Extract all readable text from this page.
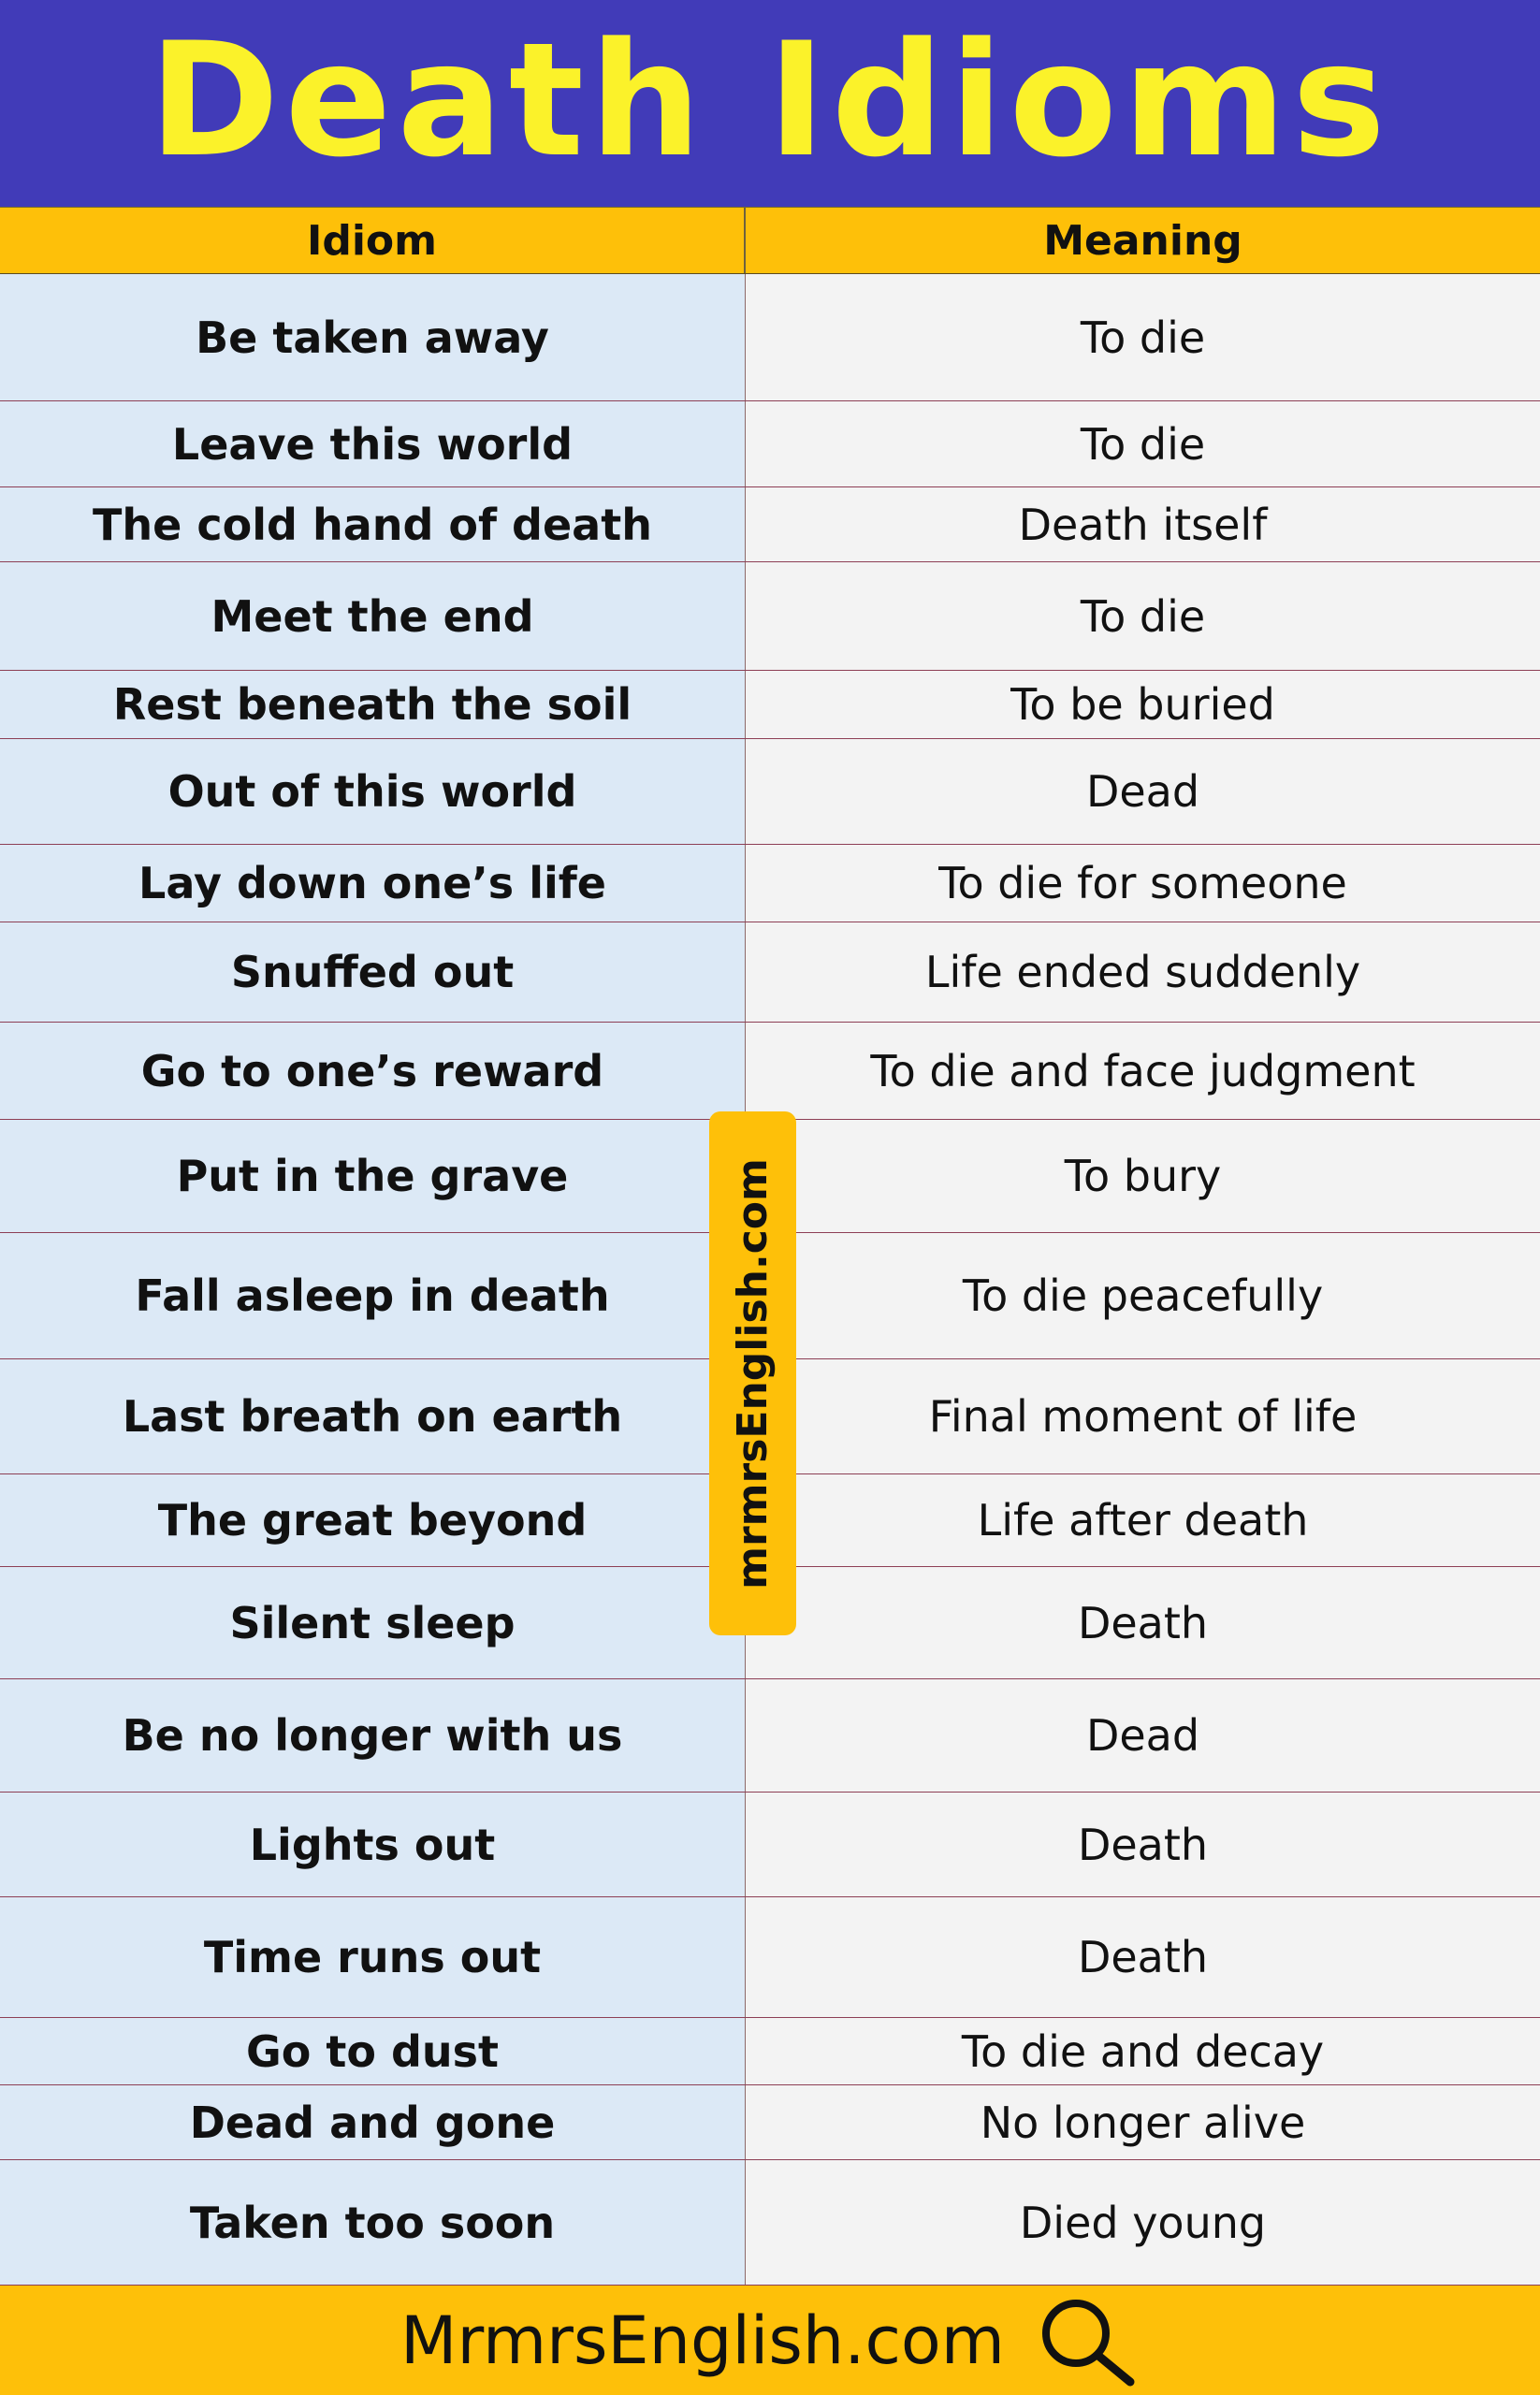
Death Idioms
Idiom	Meaning
Be taken away	To die
Leave this world	To die
The cold hand of death	Death itself
Meet the end	To die
Rest beneath the soil	To be buried
Out of this world	Dead
Lay down one’s life	To die for someone
Snuffed out	Life ended suddenly
Go to one’s reward	To die and face judgment
Put in the grave	To bury
Fall asleep in death	To die peacefully
Last breath on earth	Final moment of life
The great beyond	Life after death
Silent sleep	Death
Be no longer with us	Dead
Lights out	Death
Time runs out	Death
Go to dust	To die and decay
Dead and gone	No longer alive
Taken too soon	Died young
mrmrsEnglish.com
MrmrsEnglish.com
